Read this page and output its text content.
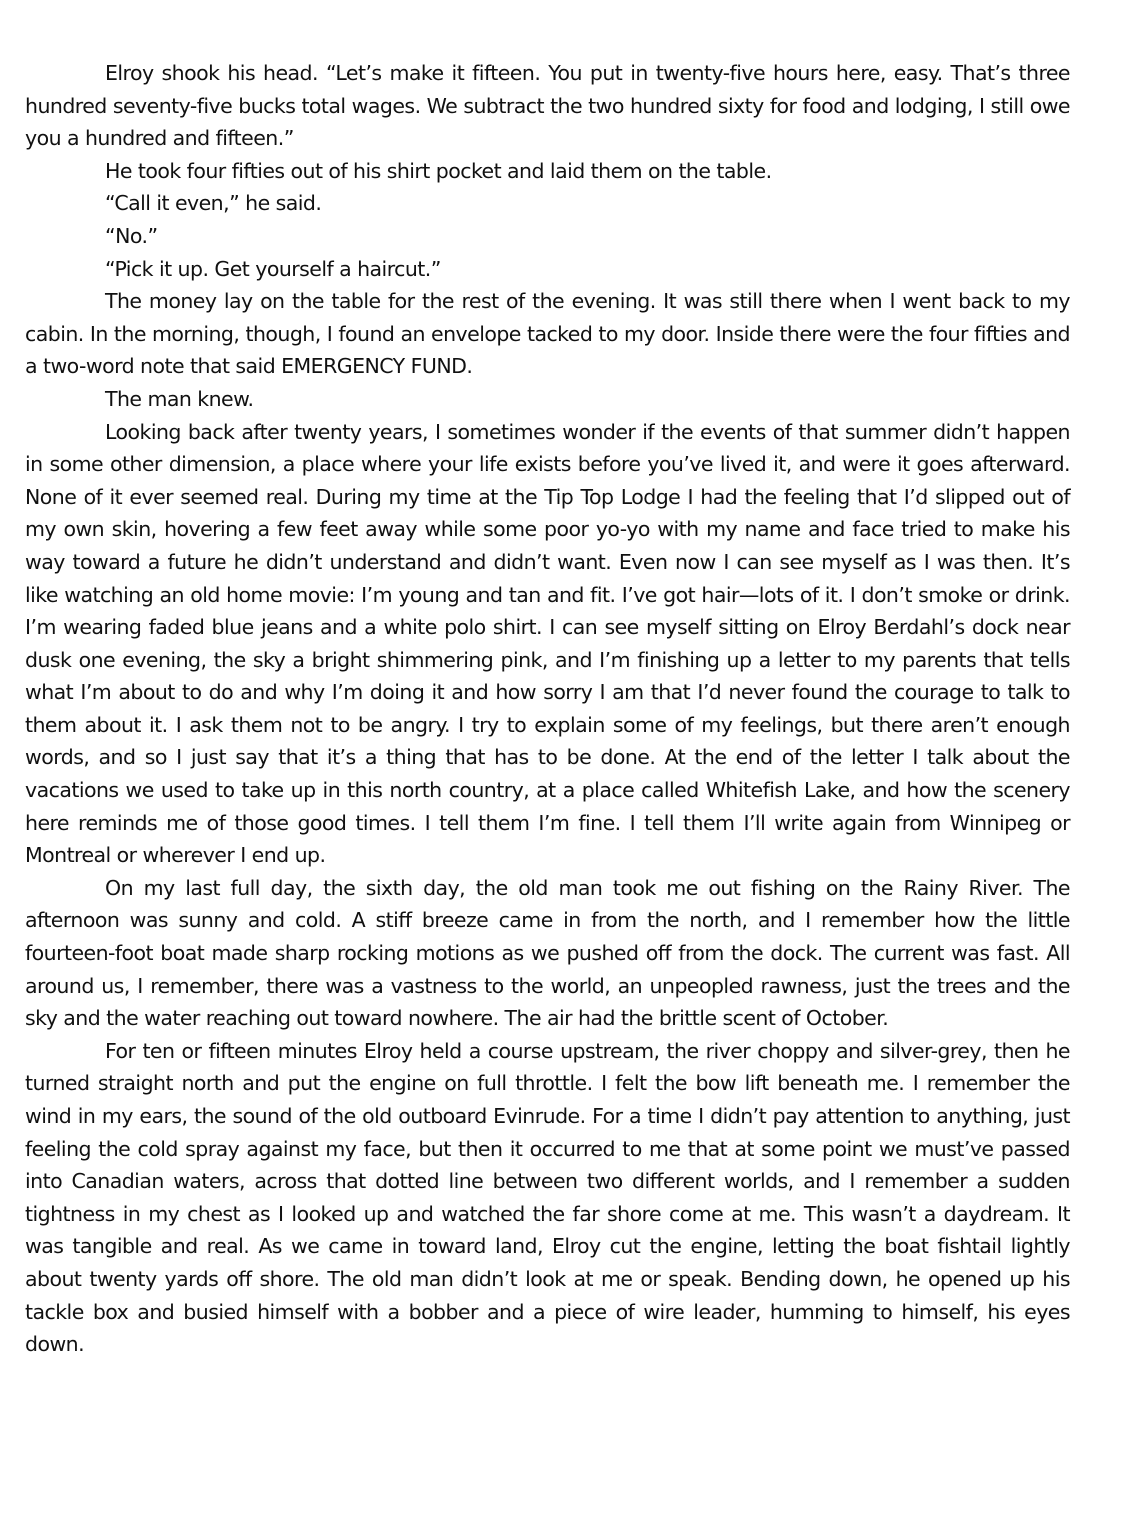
Elroy shook his head. “Let’s make it fifteen. You put in twenty-five hours here, easy. That’s three hundred seventy-five bucks total wages. We subtract the two hundred sixty for food and lodging, I still owe you a hundred and fifteen.”

He took four fifties out of his shirt pocket and laid them on the table.

“Call it even,” he said.

“No.”

“Pick it up. Get yourself a haircut.”

The money lay on the table for the rest of the evening. It was still there when I went back to my cabin. In the morning, though, I found an envelope tacked to my door. Inside there were the four fifties and a two-word note that said EMERGENCY FUND.

The man knew.

Looking back after twenty years, I sometimes wonder if the events of that summer didn’t happen in some other dimension, a place where your life exists before you’ve lived it, and were it goes afterward. None of it ever seemed real. During my time at the Tip Top Lodge I had the feeling that I’d slipped out of my own skin, hovering a few feet away while some poor yo-yo with my name and face tried to make his way toward a future he didn’t understand and didn’t want. Even now I can see myself as I was then. It’s like watching an old home movie: I’m young and tan and fit. I’ve got hair—lots of it. I don’t smoke or drink. I’m wearing faded blue jeans and a white polo shirt. I can see myself sitting on Elroy Berdahl’s dock near dusk one evening, the sky a bright shimmering pink, and I’m finishing up a letter to my parents that tells what I’m about to do and why I’m doing it and how sorry I am that I’d never found the courage to talk to them about it. I ask them not to be angry. I try to explain some of my feelings, but there aren’t enough words, and so I just say that it’s a thing that has to be done. At the end of the letter I talk about the vacations we used to take up in this north country, at a place called Whitefish Lake, and how the scenery here reminds me of those good times. I tell them I’m fine. I tell them I’ll write again from Winnipeg or Montreal or wherever I end up.

On my last full day, the sixth day, the old man took me out fishing on the Rainy River. The afternoon was sunny and cold. A stiff breeze came in from the north, and I remember how the little fourteen-foot boat made sharp rocking motions as we pushed off from the dock. The current was fast. All around us, I remember, there was a vastness to the world, an unpeopled rawness, just the trees and the sky and the water reaching out toward nowhere. The air had the brittle scent of October.

For ten or fifteen minutes Elroy held a course upstream, the river choppy and silver-grey, then he turned straight north and put the engine on full throttle. I felt the bow lift beneath me. I remember the wind in my ears, the sound of the old outboard Evinrude. For a time I didn’t pay attention to anything, just feeling the cold spray against my face, but then it occurred to me that at some point we must’ve passed into Canadian waters, across that dotted line between two different worlds, and I remember a sudden tightness in my chest as I looked up and watched the far shore come at me. This wasn’t a daydream. It was tangible and real. As we came in toward land, Elroy cut the engine, letting the boat fishtail lightly about twenty yards off shore. The old man didn’t look at me or speak. Bending down, he opened up his tackle box and busied himself with a bobber and a piece of wire leader, humming to himself, his eyes down.
